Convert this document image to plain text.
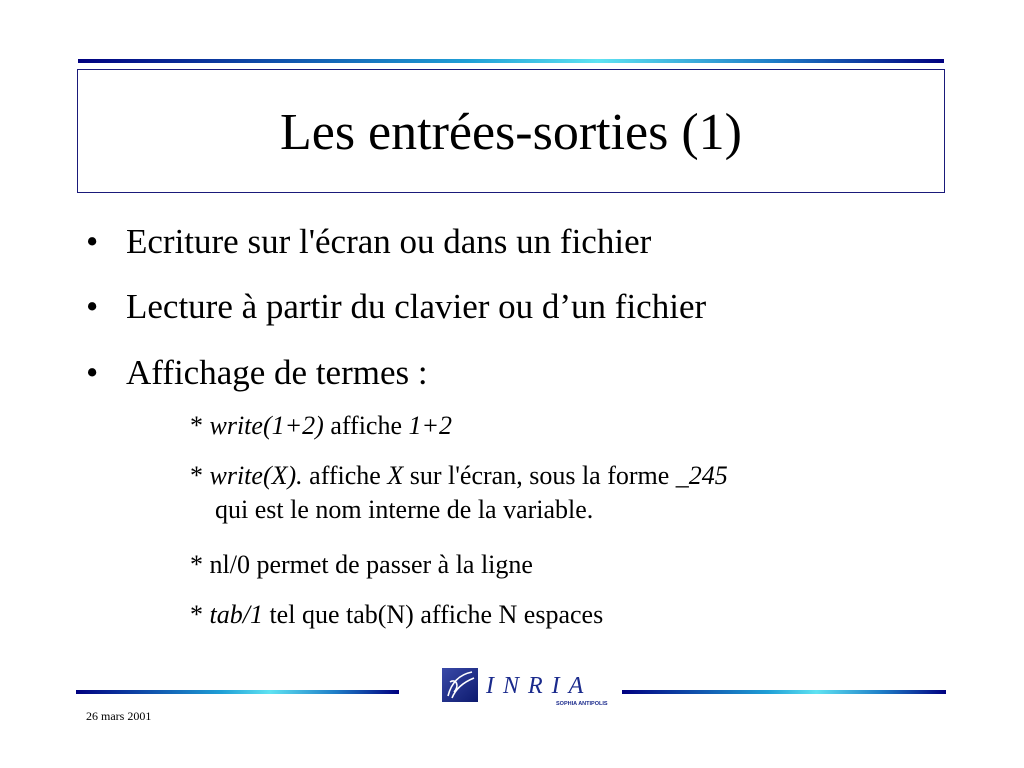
Les entrées-sorties (1)
• Ecriture sur l'écran ou dans un fichier
• Lecture à partir du clavier ou d’un fichier
• Affichage de termes :
* write(1+2) affiche 1+2
* write(X). affiche X sur l'écran, sous la forme _245
qui est le nom interne de la variable.
* nl/0 permet de passer à la ligne
* tab/1 tel que tab(N) affiche N espaces
INRIA
SOPHIA ANTIPOLIS
26 mars 2001
